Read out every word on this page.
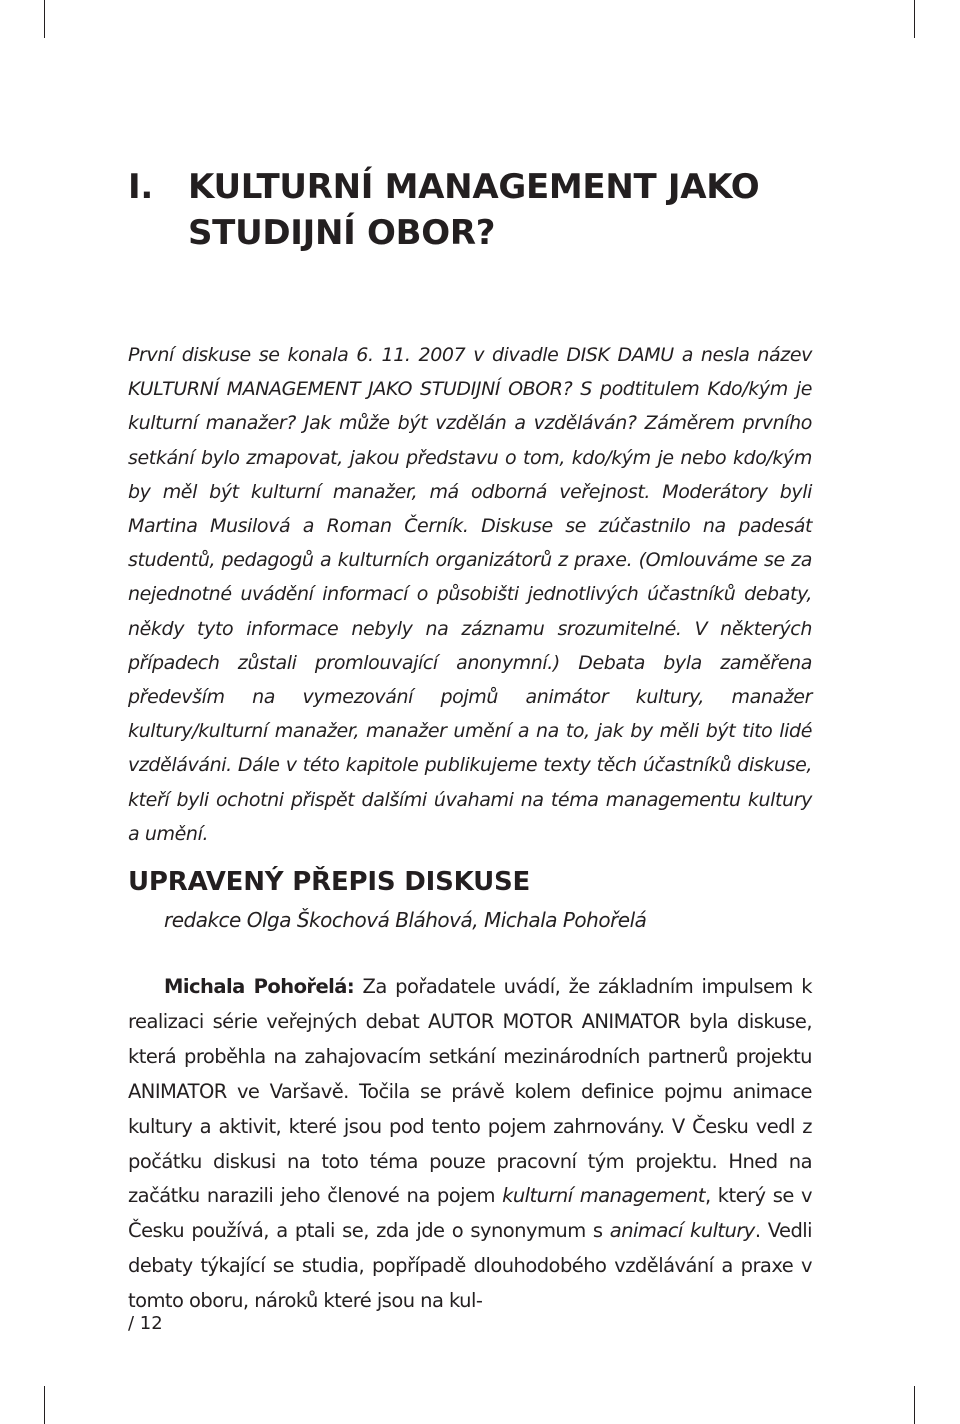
I.	KULTURNÍ MANAGEMENT JAKO STUDIJNÍ OBOR?

První diskuse se konala 6. 11. 2007 v divadle DISK DAMU a nesla název KULTURNÍ MANAGEMENT JAKO STUDIJNÍ OBOR? S podtitulem Kdo/kým je kulturní manažer? Jak může být vzdělán a vzděláván? Záměrem prvního setkání bylo zmapovat, jakou představu o tom, kdo/kým je nebo kdo/kým by měl být kulturní manažer, má odborná veřejnost. Moderátory byli Martina Musilová a Roman Černík. Diskuse se zúčastnilo na padesát studentů, pedagogů a kulturních organizátorů z praxe. (Omlouváme se za nejednotné uvádění informací o působišti jednotlivých účastníků debaty, někdy tyto informace nebyly na záznamu srozumitelné. V některých případech zůstali promlouvající anonymní.) Debata byla zaměřena především na vymezování pojmů animátor kultury, manažer kultury/kulturní manažer, manažer umění a na to, jak by měli být tito lidé vzděláváni. Dále v této kapitole publikujeme texty těch účastníků diskuse, kteří byli ochotni přispět dalšími úvahami na téma managementu kultury a umění.

UPRAVENÝ PŘEPIS DISKUSE

redakce Olga Škochová Bláhová, Michala Pohořelá

Michala Pohořelá: Za pořadatele uvádí, že základním impulsem k realizaci série veřejných debat AUTOR MOTOR ANIMATOR byla diskuse, která proběhla na zahajovacím setkání mezinárodních partnerů projektu ANIMATOR ve Varšavě. Točila se právě kolem definice pojmu animace kultury a aktivit, které jsou pod tento pojem zahrnovány. V Česku vedl z počátku diskusi na toto téma pouze pracovní tým projektu. Hned na začátku narazili jeho členové na pojem kulturní management, který se v Česku používá, a ptali se, zda jde o synonymum s animací kultury. Vedli debaty týkající se studia, popřípadě dlouhodobého vzdělávání a praxe v tomto oboru, nároků které jsou na kul-

/ 12
